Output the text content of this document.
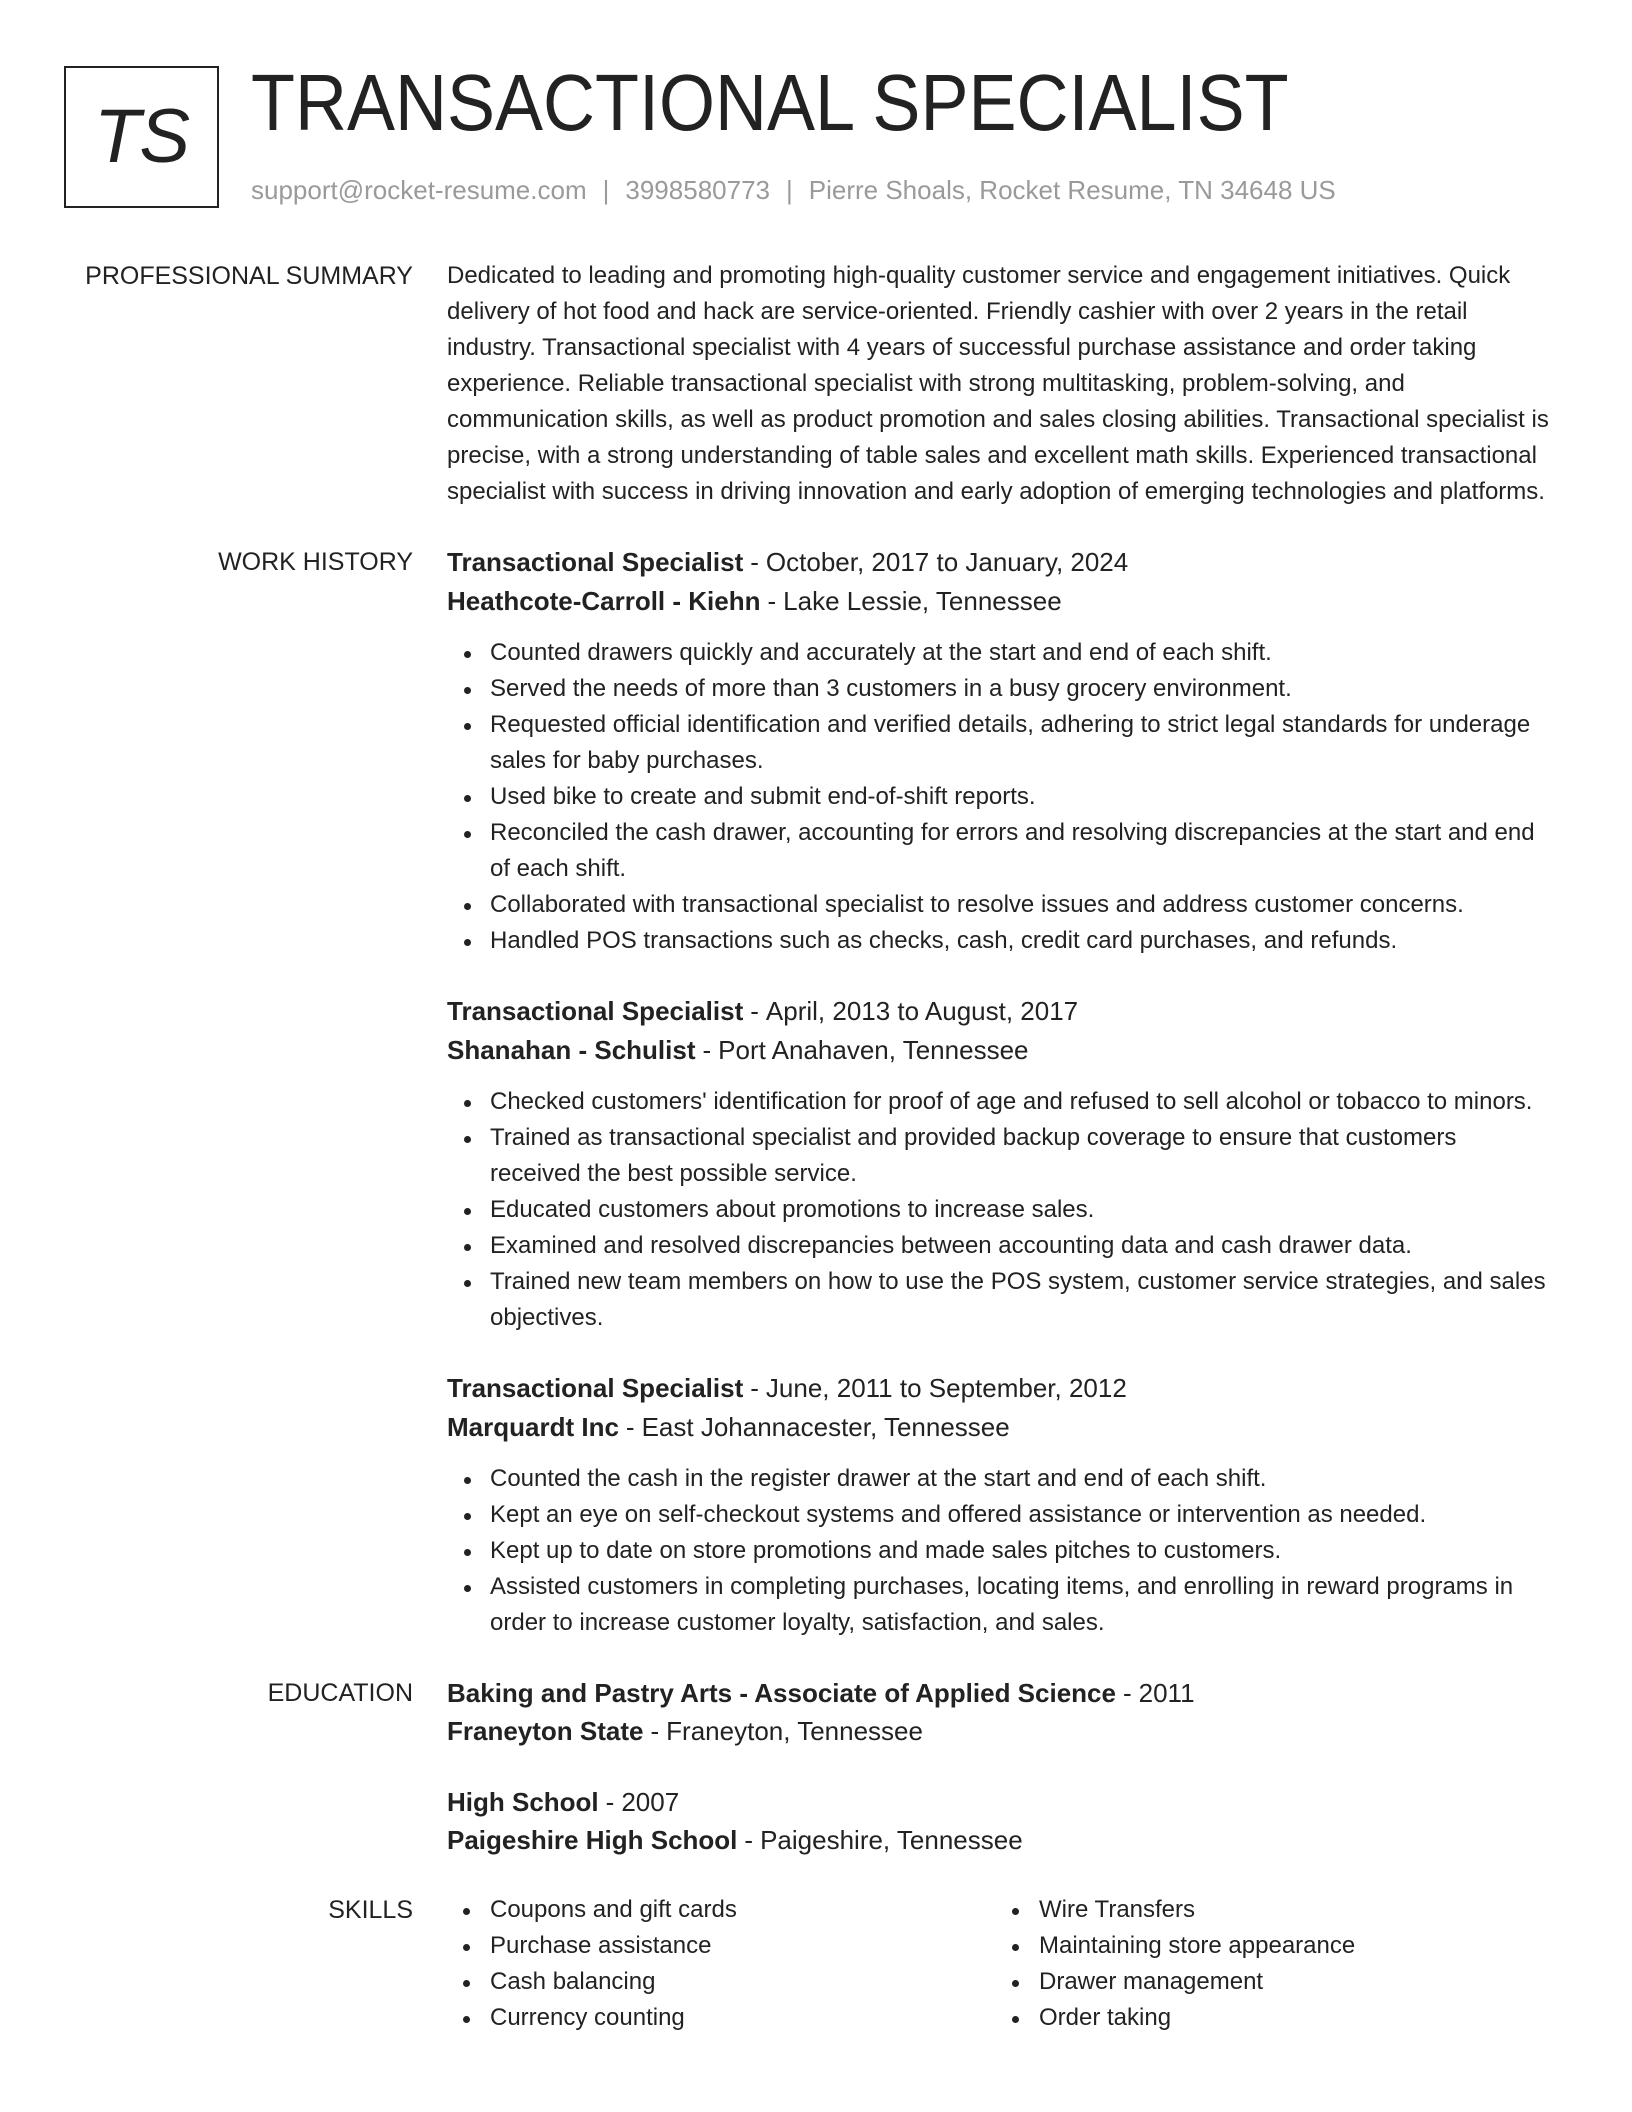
TS TRANSACTIONAL SPECIALIST
support@rocket-resume.com | 3998580773 | Pierre Shoals, Rocket Resume, TN 34648 US
PROFESSIONAL SUMMARY Dedicated to leading and promoting high-quality customer service and engagement initiatives. Quick delivery of hot food and hack are service-oriented. Friendly cashier with over 2 years in the retail industry. Transactional specialist with 4 years of successful purchase assistance and order taking experience. Reliable transactional specialist with strong multitasking, problem-solving, and communication skills, as well as product promotion and sales closing abilities. Transactional specialist is precise, with a strong understanding of table sales and excellent math skills. Experienced transactional specialist with success in driving innovation and early adoption of emerging technologies and platforms.
WORK HISTORY Transactional Specialist - October, 2017 to January, 2024
Heathcote-Carroll - Kiehn - Lake Lessie, Tennessee
Counted drawers quickly and accurately at the start and end of each shift.
Served the needs of more than 3 customers in a busy grocery environment.
Requested official identification and verified details, adhering to strict legal standards for underage sales for baby purchases.
Used bike to create and submit end-of-shift reports.
Reconciled the cash drawer, accounting for errors and resolving discrepancies at the start and end of each shift.
Collaborated with transactional specialist to resolve issues and address customer concerns.
Handled POS transactions such as checks, cash, credit card purchases, and refunds.
Transactional Specialist - April, 2013 to August, 2017
Shanahan - Schulist - Port Anahaven, Tennessee
Checked customers' identification for proof of age and refused to sell alcohol or tobacco to minors.
Trained as transactional specialist and provided backup coverage to ensure that customers received the best possible service.
Educated customers about promotions to increase sales.
Examined and resolved discrepancies between accounting data and cash drawer data.
Trained new team members on how to use the POS system, customer service strategies, and sales objectives.
Transactional Specialist - June, 2011 to September, 2012
Marquardt Inc - East Johannacester, Tennessee
Counted the cash in the register drawer at the start and end of each shift.
Kept an eye on self-checkout systems and offered assistance or intervention as needed.
Kept up to date on store promotions and made sales pitches to customers.
Assisted customers in completing purchases, locating items, and enrolling in reward programs in order to increase customer loyalty, satisfaction, and sales.
EDUCATION Baking and Pastry Arts - Associate of Applied Science - 2011
Franeyton State - Franeyton, Tennessee
High School - 2007
Paigeshire High School - Paigeshire, Tennessee
SKILLS	Coupons and gift cards	Wire Transfers
Purchase assistance	Maintaining store appearance
Cash balancing	Drawer management
Currency counting	Order taking
